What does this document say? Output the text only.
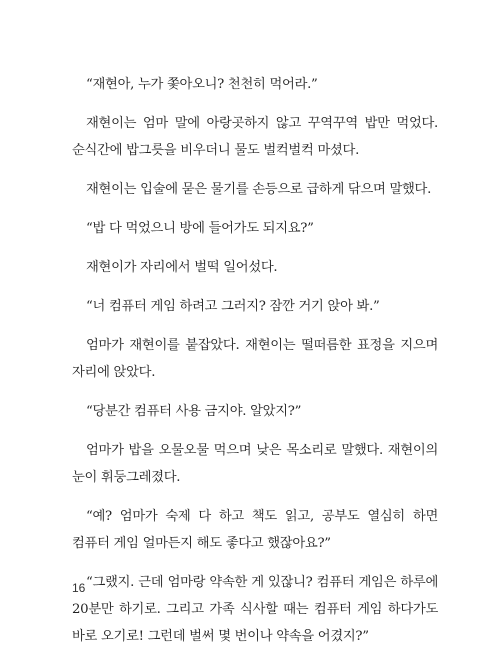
“재현아, 누가 쫓아오니? 천천히 먹어라.”

재현이는 엄마 말에 아랑곳하지 않고 꾸역꾸역 밥만 먹었다. 순식간에 밥그릇을 비우더니 물도 벌컥벌컥 마셨다.

재현이는 입술에 묻은 물기를 손등으로 급하게 닦으며 말했다.

“밥 다 먹었으니 방에 들어가도 되지요?”

재현이가 자리에서 벌떡 일어섰다.

“너 컴퓨터 게임 하려고 그러지? 잠깐 거기 앉아 봐.”

엄마가 재현이를 붙잡았다. 재현이는 떨떠름한 표정을 지으며 자리에 앉았다.

“당분간 컴퓨터 사용 금지야. 알았지?”

엄마가 밥을 오물오물 먹으며 낮은 목소리로 말했다. 재현이의 눈이 휘둥그레졌다.

“예? 엄마가 숙제 다 하고 책도 읽고, 공부도 열심히 하면 컴퓨터 게임 얼마든지 해도 좋다고 했잖아요?”

“그랬지. 근데 엄마랑 약속한 게 있잖니? 컴퓨터 게임은 하루에 20분만 하기로. 그리고 가족 식사할 때는 컴퓨터 게임 하다가도 바로 오기로! 그런데 벌써 몇 번이나 약속을 어겼지?”

16
